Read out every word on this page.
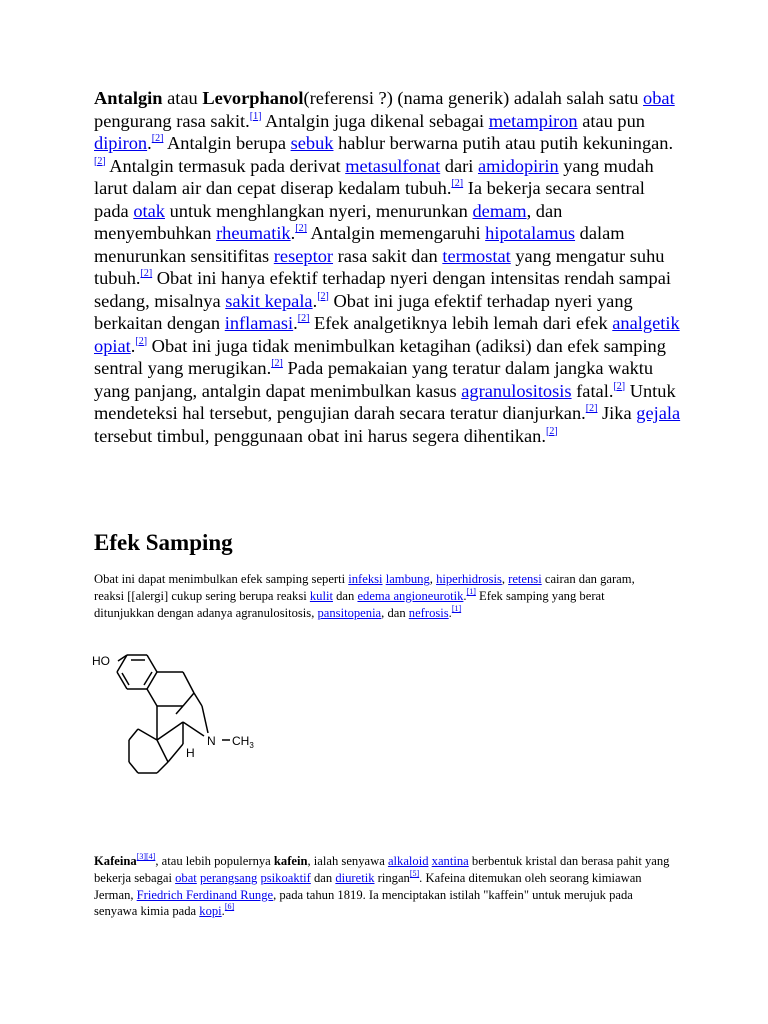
Antalgin atau Levorphanol(referensi ?) (nama generik) adalah salah satu obat pengurang rasa sakit.[1] Antalgin juga dikenal sebagai metampiron atau pun dipiron.[2] Antalgin berupa sebuk hablur berwarna putih atau putih kekuningan.[2] Antalgin termasuk pada derivat metasulfonat dari amidopirin yang mudah larut dalam air dan cepat diserap kedalam tubuh.[2] Ia bekerja secara sentral pada otak untuk menghlangkan nyeri, menurunkan demam, dan menyembuhkan rheumatik.[2] Antalgin memengaruhi hipotalamus dalam menurunkan sensitifitas reseptor rasa sakit dan termostat yang mengatur suhu tubuh.[2] Obat ini hanya efektif terhadap nyeri dengan intensitas rendah sampai sedang, misalnya sakit kepala.[2] Obat ini juga efektif terhadap nyeri yang berkaitan dengan inflamasi.[2] Efek analgetiknya lebih lemah dari efek analgetik opiat.[2] Obat ini juga tidak menimbulkan ketagihan (adiksi) dan efek samping sentral yang merugikan.[2] Pada pemakaian yang teratur dalam jangka waktu yang panjang, antalgin dapat menimbulkan kasus agranulositosis fatal.[2] Untuk mendeteksi hal tersebut, pengujian darah secara teratur dianjurkan.[2] Jika gejala tersebut timbul, penggunaan obat ini harus segera dihentikan.[2]

Efek Samping

Obat ini dapat menimbulkan efek samping seperti infeksi lambung, hiperhidrosis, retensi cairan dan garam, reaksi [[alergi] cukup sering berupa reaksi kulit dan edema angioneurotik.[1] Efek samping yang berat ditunjukkan dengan adanya agranulositosis, pansitopenia, dan nefrosis.[1]

HO
N $CH_3$
H

Kafeina[3][4], atau lebih populernya kafein, ialah senyawa alkaloid xantina berbentuk kristal dan berasa pahit yang bekerja sebagai obat perangsang psikoaktif dan diuretik ringan[5]. Kafeina ditemukan oleh seorang kimiawan Jerman, Friedrich Ferdinand Runge, pada tahun 1819. Ia menciptakan istilah "kaffein" untuk merujuk pada senyawa kimia pada kopi.[6]
